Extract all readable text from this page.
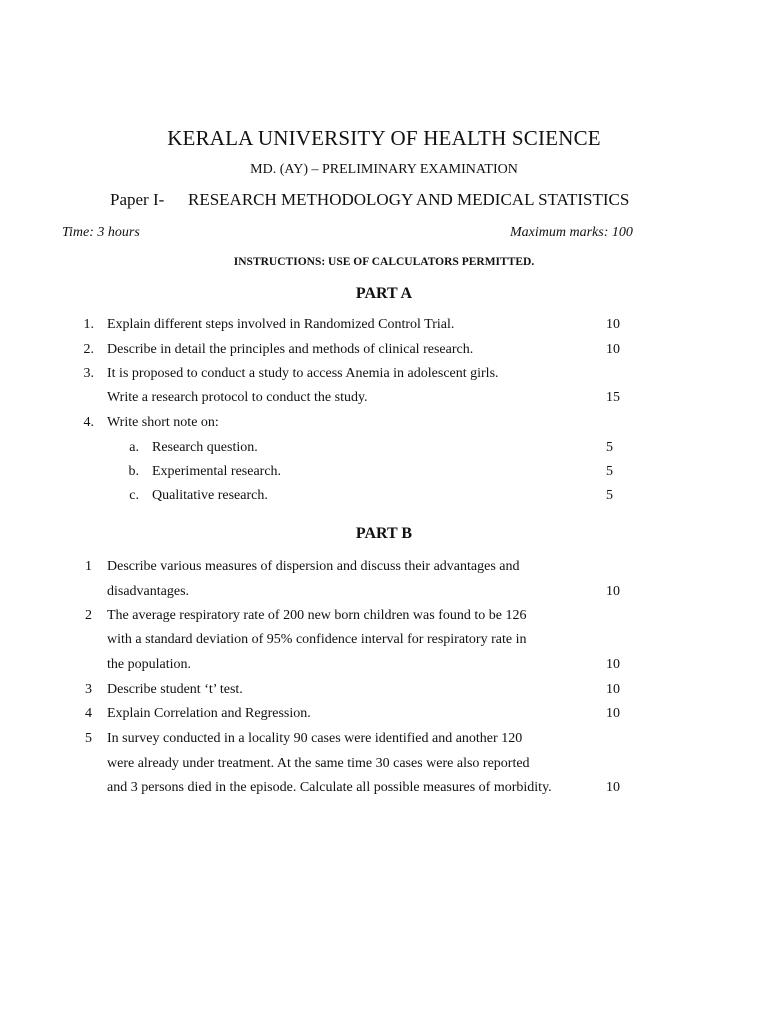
KERALA UNIVERSITY OF HEALTH SCIENCE
MD. (AY) – PRELIMINARY EXAMINATION
Paper I- RESEARCH METHODOLOGY AND MEDICAL STATISTICS
Time: 3 hours	Maximum marks: 100
INSTRUCTIONS: USE OF CALCULATORS PERMITTED.
PART A
1. Explain different steps involved in Randomized Control Trial.	10
2. Describe in detail the principles and methods of clinical research.	10
3. It is proposed to conduct a study to access Anemia in adolescent girls.
Write a research protocol to conduct the study.	15
4. Write short note on:
a. Research question.	5
b. Experimental research.	5
c. Qualitative research.	5
PART B
1 Describe various measures of dispersion and discuss their advantages and
disadvantages.	10
2 The average respiratory rate of 200 new born children was found to be 126
with a standard deviation of 95% confidence interval for respiratory rate in
the population.	10
3 Describe student ‘t’ test.	10
4 Explain Correlation and Regression.	10
5 In survey conducted in a locality 90 cases were identified and another 120
were already under treatment. At the same time 30 cases were also reported
and 3 persons died in the episode. Calculate all possible measures of morbidity.	10
